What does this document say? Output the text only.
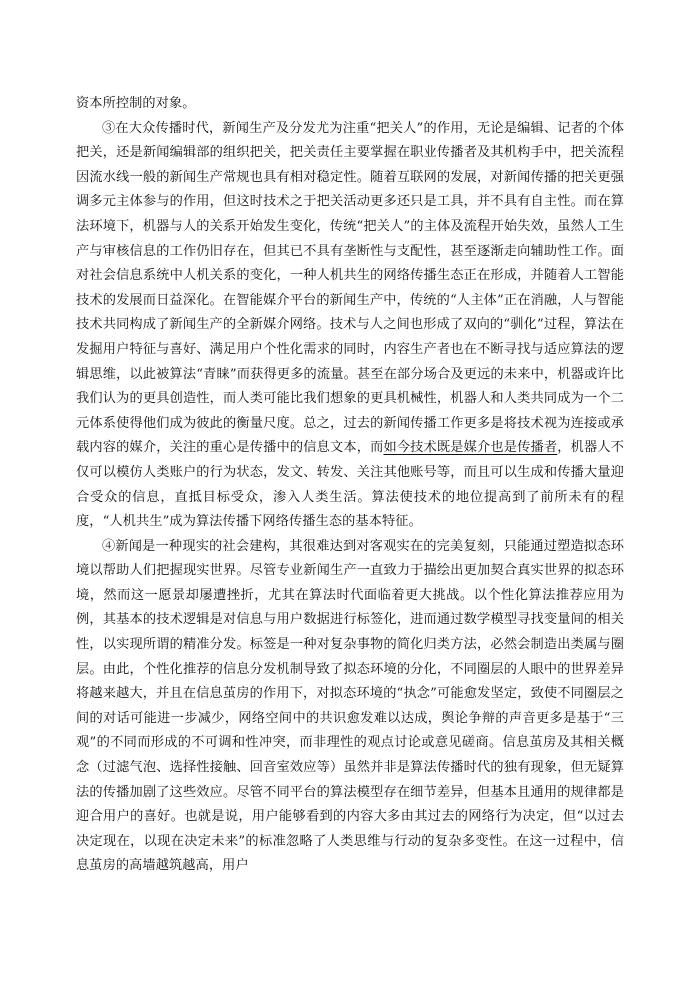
资本所控制的对象。

③在大众传播时代，新闻生产及分发尤为注重“把关人”的作用，无论是编辑、记者的个体把关，还是新闻编辑部的组织把关，把关责任主要掌握在职业传播者及其机构手中，把关流程因流水线一般的新闻生产常规也具有相对稳定性。随着互联网的发展，对新闻传播的把关更强调多元主体参与的作用，但这时技术之于把关活动更多还只是工具，并不具有自主性。而在算法环境下，机器与人的关系开始发生变化，传统“把关人”的主体及流程开始失效，虽然人工生产与审核信息的工作仍旧存在，但其已不具有垄断性与支配性，甚至逐渐走向辅助性工作。面对社会信息系统中人机关系的变化，一种人机共生的网络传播生态正在形成，并随着人工智能技术的发展而日益深化。在智能媒介平台的新闻生产中，传统的“人主体”正在消融，人与智能技术共同构成了新闻生产的全新媒介网络。技术与人之间也形成了双向的“驯化”过程，算法在发掘用户特征与喜好、满足用户个性化需求的同时，内容生产者也在不断寻找与适应算法的逻辑思维，以此被算法“青睐”而获得更多的流量。甚至在部分场合及更远的未来中，机器或许比我们认为的更具创造性，而人类可能比我们想象的更具机械性，机器人和人类共同成为一个二元体系使得他们成为彼此的衡量尺度。总之，过去的新闻传播工作更多是将技术视为连接或承载内容的媒介，关注的重心是传播中的信息文本，而如今技术既是媒介也是传播者，机器人不仅可以模仿人类账户的行为状态，发文、转发、关注其他账号等，而且可以生成和传播大量迎合受众的信息，直抵目标受众，渗入人类生活。算法使技术的地位提高到了前所未有的程度，“人机共生”成为算法传播下网络传播生态的基本特征。

④新闻是一种现实的社会建构，其很难达到对客观实在的完美复刻，只能通过塑造拟态环境以帮助人们把握现实世界。尽管专业新闻生产一直致力于描绘出更加契合真实世界的拟态环境，然而这一愿景却屡遭挫折，尤其在算法时代面临着更大挑战。以个性化算法推荐应用为例，其基本的技术逻辑是对信息与用户数据进行标签化，进而通过数学模型寻找变量间的相关性，以实现所谓的精准分发。标签是一种对复杂事物的简化归类方法，必然会制造出类属与圈层。由此，个性化推荐的信息分发机制导致了拟态环境的分化，不同圈层的人眼中的世界差异将越来越大，并且在信息茧房的作用下，对拟态环境的“执念”可能愈发坚定，致使不同圈层之间的对话可能进一步减少，网络空间中的共识愈发难以达成，舆论争辩的声音更多是基于“三观”的不同而形成的不可调和性冲突，而非理性的观点讨论或意见磋商。信息茧房及其相关概念（过滤气泡、选择性接触、回音室效应等）虽然并非是算法传播时代的独有现象，但无疑算法的传播加剧了这些效应。尽管不同平台的算法模型存在细节差异，但基本且通用的规律都是迎合用户的喜好。也就是说，用户能够看到的内容大多由其过去的网络行为决定，但“以过去决定现在，以现在决定未来”的标准忽略了人类思维与行动的复杂多变性。在这一过程中，信息茧房的高墙越筑越高，用户
